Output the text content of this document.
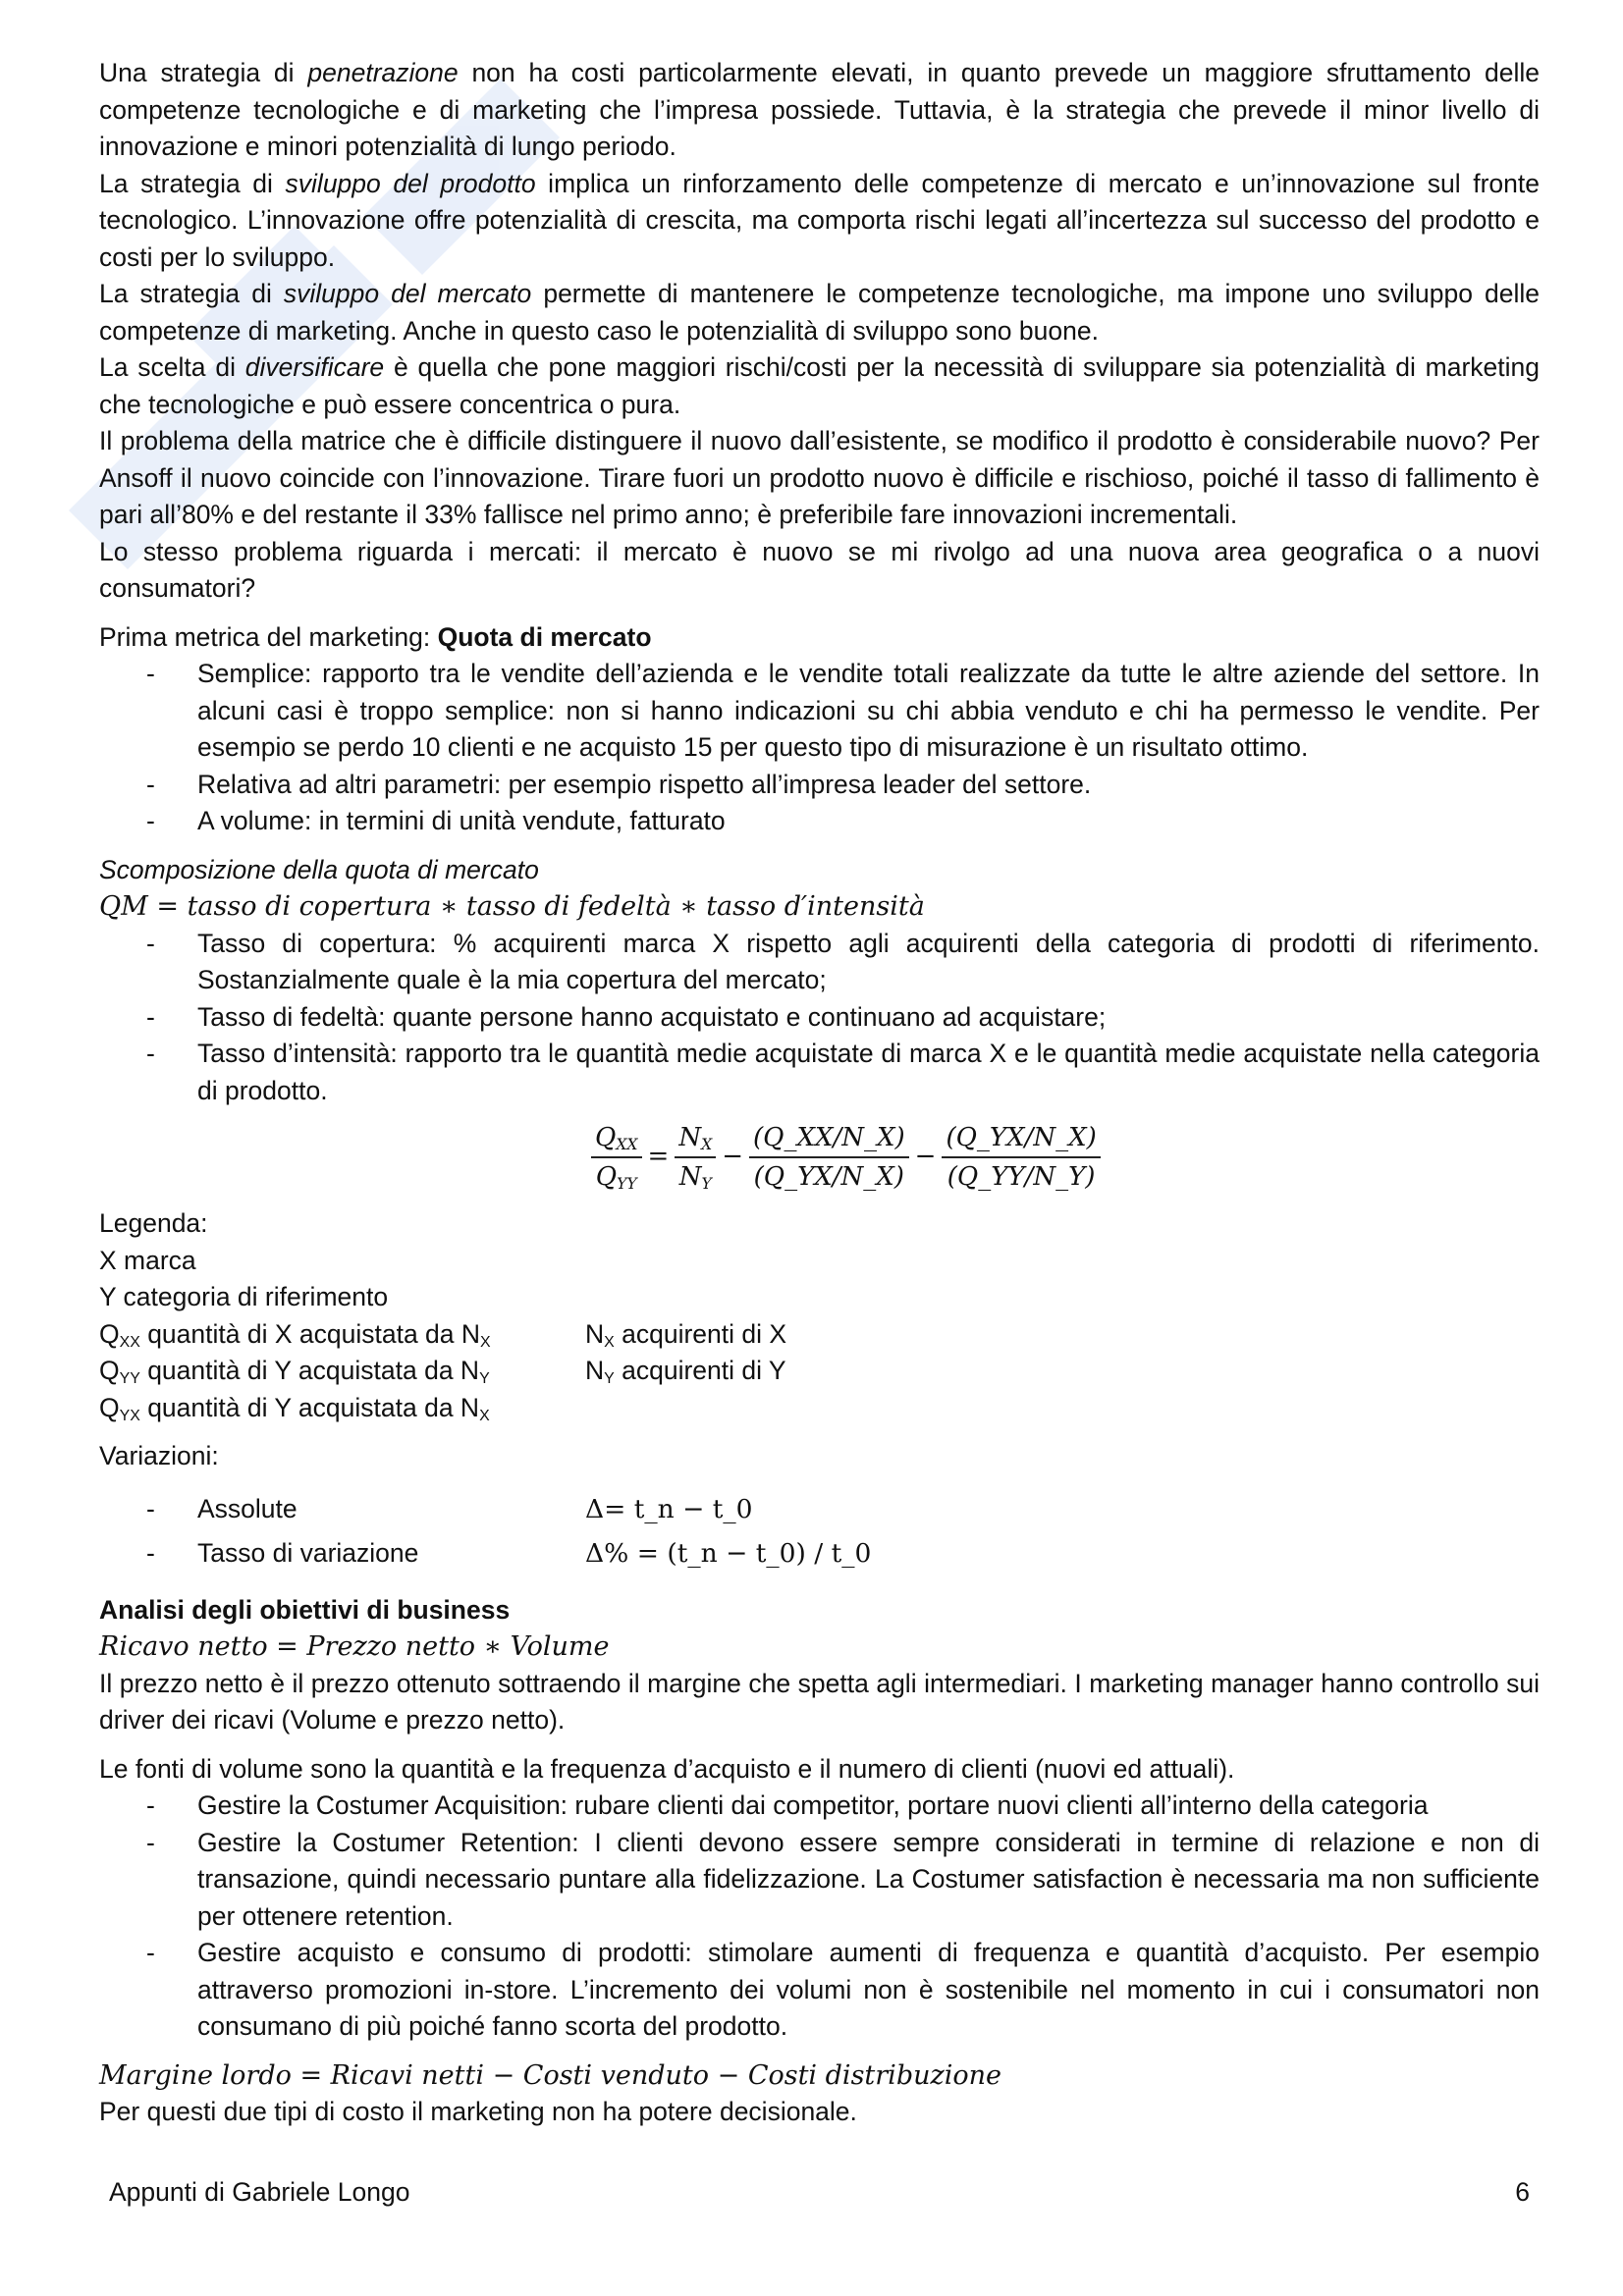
Una strategia di penetrazione non ha costi particolarmente elevati, in quanto prevede un maggiore sfruttamento delle competenze tecnologiche e di marketing che l’impresa possiede. Tuttavia, è la strategia che prevede il minor livello di innovazione e minori potenzialità di lungo periodo.

La strategia di sviluppo del prodotto implica un rinforzamento delle competenze di mercato e un’innovazione sul fronte tecnologico. L’innovazione offre potenzialità di crescita, ma comporta rischi legati all’incertezza sul successo del prodotto e costi per lo sviluppo.

La strategia di sviluppo del mercato permette di mantenere le competenze tecnologiche, ma impone uno sviluppo delle competenze di marketing. Anche in questo caso le potenzialità di sviluppo sono buone.

La scelta di diversificare è quella che pone maggiori rischi/costi per la necessità di sviluppare sia potenzialità di marketing che tecnologiche e può essere concentrica o pura.

Il problema della matrice che è difficile distinguere il nuovo dall’esistente, se modifico il prodotto è considerabile nuovo? Per Ansoff il nuovo coincide con l’innovazione. Tirare fuori un prodotto nuovo è difficile e rischioso, poiché il tasso di fallimento è pari all’80% e del restante il 33% fallisce nel primo anno; è preferibile fare innovazioni incrementali.

Lo stesso problema riguarda i mercati: il mercato è nuovo se mi rivolgo ad una nuova area geografica o a nuovi consumatori?

Prima metrica del marketing: Quota di mercato

- Semplice: rapporto tra le vendite dell’azienda e le vendite totali realizzate da tutte le altre aziende del settore. In alcuni casi è troppo semplice: non si hanno indicazioni su chi abbia venduto e chi ha permesso le vendite. Per esempio se perdo 10 clienti e ne acquisto 15 per questo tipo di misurazione è un risultato ottimo.
- Relativa ad altri parametri: per esempio rispetto all’impresa leader del settore.
- A volume: in termini di unità vendute, fatturato

Scomposizione della quota di mercato

QM = tasso di copertura ∗ tasso di fedeltà ∗ tasso d′intensità

- Tasso di copertura: % acquirenti marca X rispetto agli acquirenti della categoria di prodotti di riferimento. Sostanzialmente quale è la mia copertura del mercato;
- Tasso di fedeltà: quante persone hanno acquistato e continuano ad acquistare;
- Tasso d’intensità: rapporto tra le quantità medie acquistate di marca X e le quantità medie acquistate nella categoria di prodotto.
$\frac{Q_{XX}}{Q_{YY}} = \frac{N_X}{N_Y} - \frac{(Q\_XX/N\_X)}{(Q\_YX/N\_X)} - \frac{(Q\_YX/N\_X)}{(Q\_YY/N\_Y)}$

Legenda:

X marca

Y categoria di riferimento

$Q_{XX}$ quantità di X acquistata da $N_X$	$N_X$ acquirenti di X
$Q_{YY}$ quantità di Y acquistata da $N_Y$	$N_Y$ acquirenti di Y
$Q_{YX}$ quantità di Y acquistata da $N_X$

Variazioni:

-	Assolute	Δ= t_n − t_0
-	Tasso di variazione	Δ% = (t_n − t_0) / t_0

Analisi degli obiettivi di business

Ricavo netto = Prezzo netto ∗ Volume

Il prezzo netto è il prezzo ottenuto sottraendo il margine che spetta agli intermediari. I marketing manager hanno controllo sui driver dei ricavi (Volume e prezzo netto).

Le fonti di volume sono la quantità e la frequenza d’acquisto e il numero di clienti (nuovi ed attuali).

- Gestire la Costumer Acquisition: rubare clienti dai competitor, portare nuovi clienti all’interno della categoria
- Gestire la Costumer Retention: I clienti devono essere sempre considerati in termine di relazione e non di transazione, quindi necessario puntare alla fidelizzazione. La Costumer satisfaction è necessaria ma non sufficiente per ottenere retention.
- Gestire acquisto e consumo di prodotti: stimolare aumenti di frequenza e quantità d’acquisto. Per esempio attraverso promozioni in-store. L’incremento dei volumi non è sostenibile nel momento in cui i consumatori non consumano di più poiché fanno scorta del prodotto.

Margine lordo = Ricavi netti − Costi venduto − Costi distribuzione

Per questi due tipi di costo il marketing non ha potere decisionale.

Appunti di Gabriele Longo	6
